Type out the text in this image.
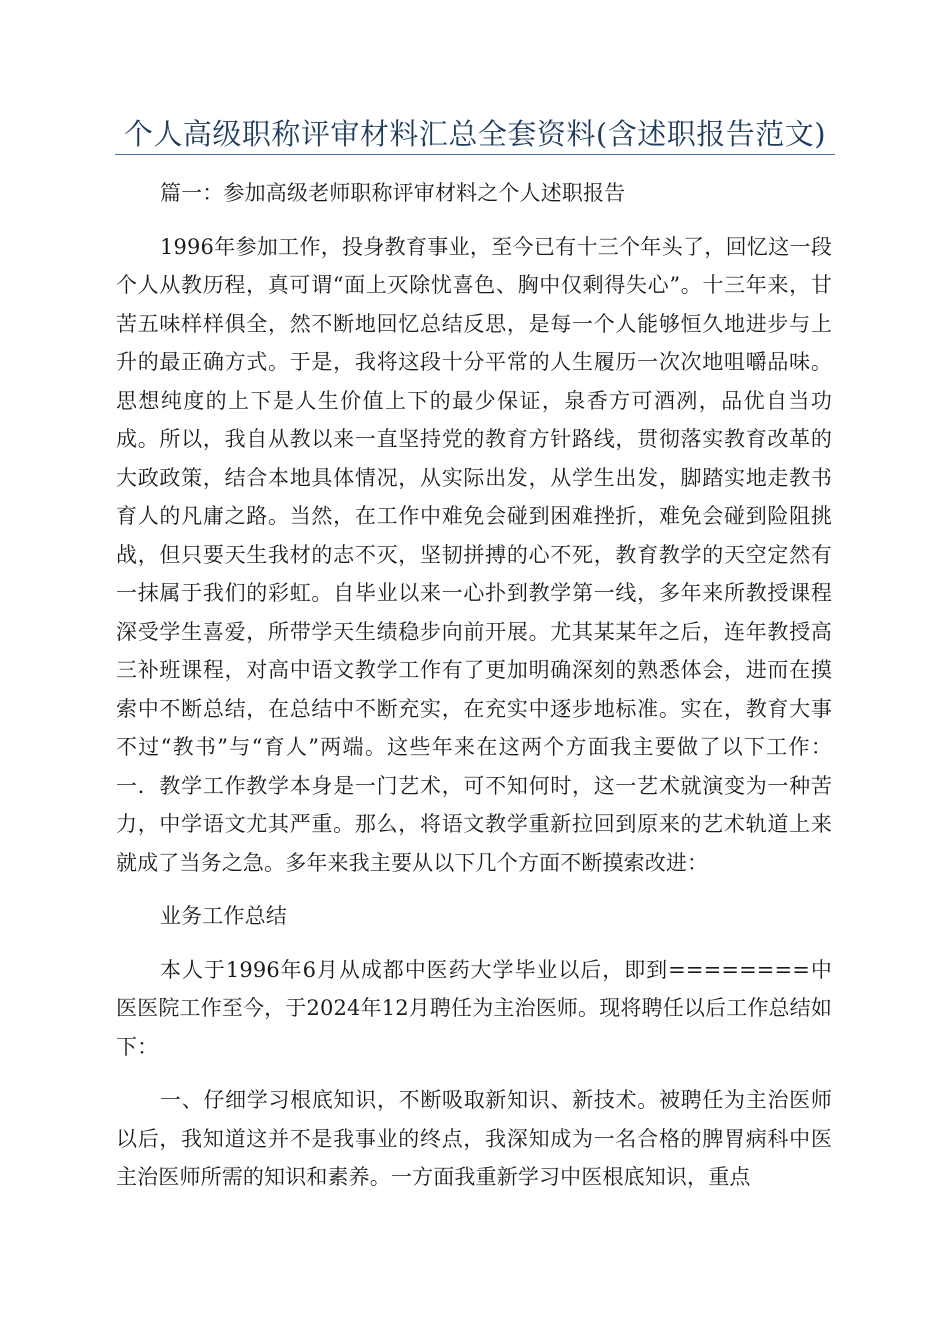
个人高级职称评审材料汇总全套资料(含述职报告范文)

篇一：参加高级老师职称评审材料之个人述职报告

1996年参加工作，投身教育事业，至今已有十三个年头了，回忆这一段个人从教历程，真可谓“面上灭除忧喜色、胸中仅剩得失心”。十三年来，甘苦五味样样俱全，然不断地回忆总结反思，是每一个人能够恒久地进步与上升的最正确方式。于是，我将这段十分平常的人生履历一次次地咀嚼品味。思想纯度的上下是人生价值上下的最少保证，泉香方可酒冽，品优自当功成。所以，我自从教以来一直坚持党的教育方针路线，贯彻落实教育改革的大政政策，结合本地具体情况，从实际出发，从学生出发，脚踏实地走教书育人的凡庸之路。当然，在工作中难免会碰到困难挫折，难免会碰到险阻挑战，但只要天生我材的志不灭，坚韧拼搏的心不死，教育教学的天空定然有一抹属于我们的彩虹。自毕业以来一心扑到教学第一线，多年来所教授课程深受学生喜爱，所带学天生绩稳步向前开展。尤其某某年之后，连年教授高三补班课程，对高中语文教学工作有了更加明确深刻的熟悉体会，进而在摸索中不断总结，在总结中不断充实，在充实中逐步地标准。实在，教育大事不过“教书”与“育人”两端。这些年来在这两个方面我主要做了以下工作：一．教学工作教学本身是一门艺术，可不知何时，这一艺术就演变为一种苦力，中学语文尤其严重。那么，将语文教学重新拉回到原来的艺术轨道上来就成了当务之急。多年来我主要从以下几个方面不断摸索改进：

业务工作总结

本人于1996年6月从成都中医药大学毕业以后，即到========中医医院工作至今，于2024年12月聘任为主治医师。现将聘任以后工作总结如下：

一、仔细学习根底知识，不断吸取新知识、新技术。被聘任为主治医师以后，我知道这并不是我事业的终点，我深知成为一名合格的脾胃病科中医主治医师所需的知识和素养。一方面我重新学习中医根底知识，重点
